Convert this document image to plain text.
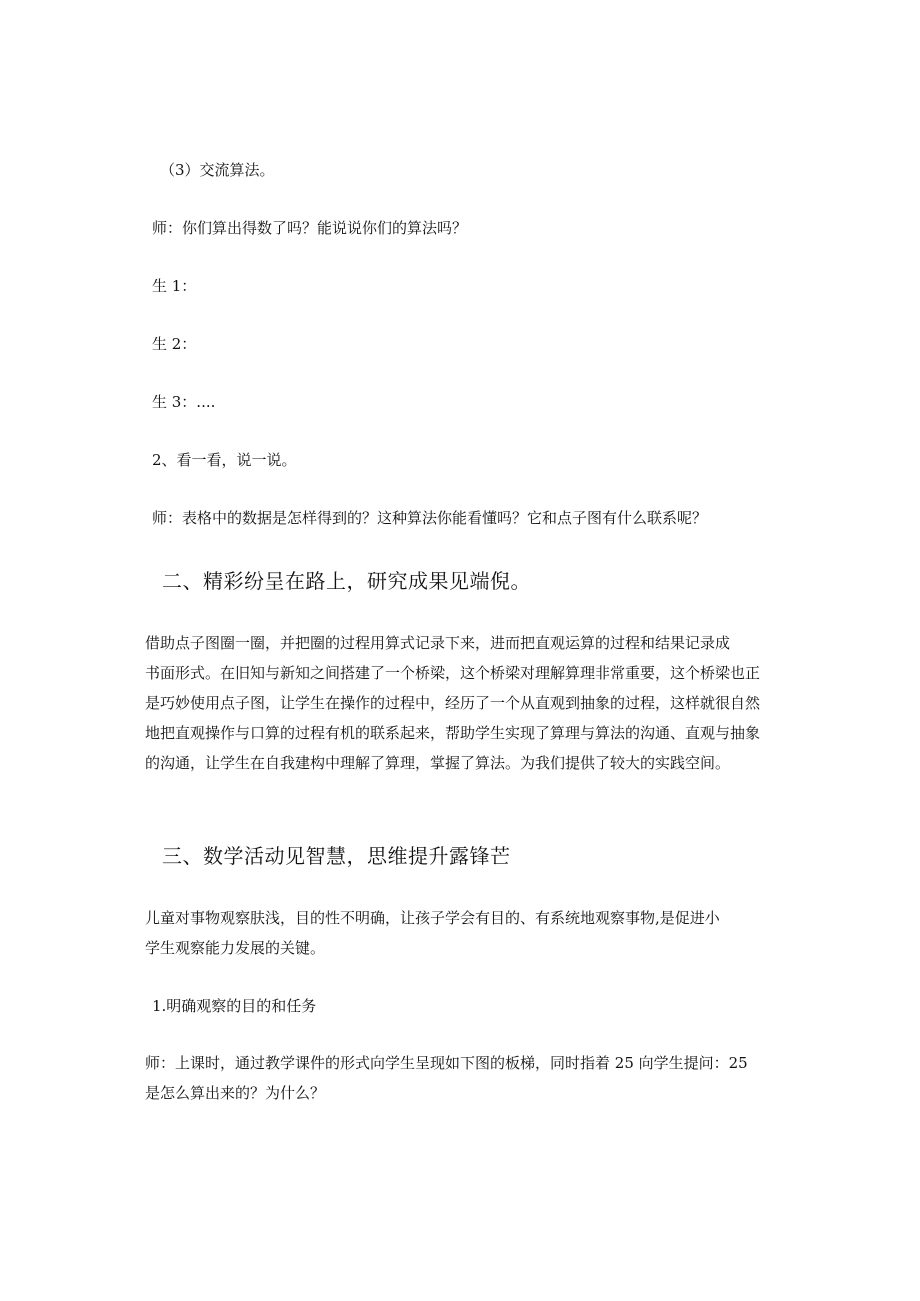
（3）交流算法。

师：你们算出得数了吗？能说说你们的算法吗？

生 1：

生 2：

生 3：....

2、看一看，说一说。

师：表格中的数据是怎样得到的？这种算法你能看懂吗？它和点子图有什么联系呢？

二、精彩纷呈在路上，研究成果见端倪。

借助点子图圈一圈，并把圈的过程用算式记录下来，进而把直观运算的过程和结果记录成
书面形式。在旧知与新知之间搭建了一个桥梁，这个桥梁对理解算理非常重要，这个桥梁也正
是巧妙使用点子图，让学生在操作的过程中，经历了一个从直观到抽象的过程，这样就很自然
地把直观操作与口算的过程有机的联系起来，帮助学生实现了算理与算法的沟通、直观与抽象
的沟通，让学生在自我建构中理解了算理，掌握了算法。为我们提供了较大的实践空间。

三、数学活动见智慧，思维提升露锋芒

儿童对事物观察肤浅，目的性不明确，让孩子学会有目的、有系统地观察事物,是促进小
学生观察能力发展的关键。

1.明确观察的目的和任务

师：上课时，通过教学课件的形式向学生呈现如下图的板梯，同时指着 25 向学生提问：25
是怎么算出来的？为什么？
